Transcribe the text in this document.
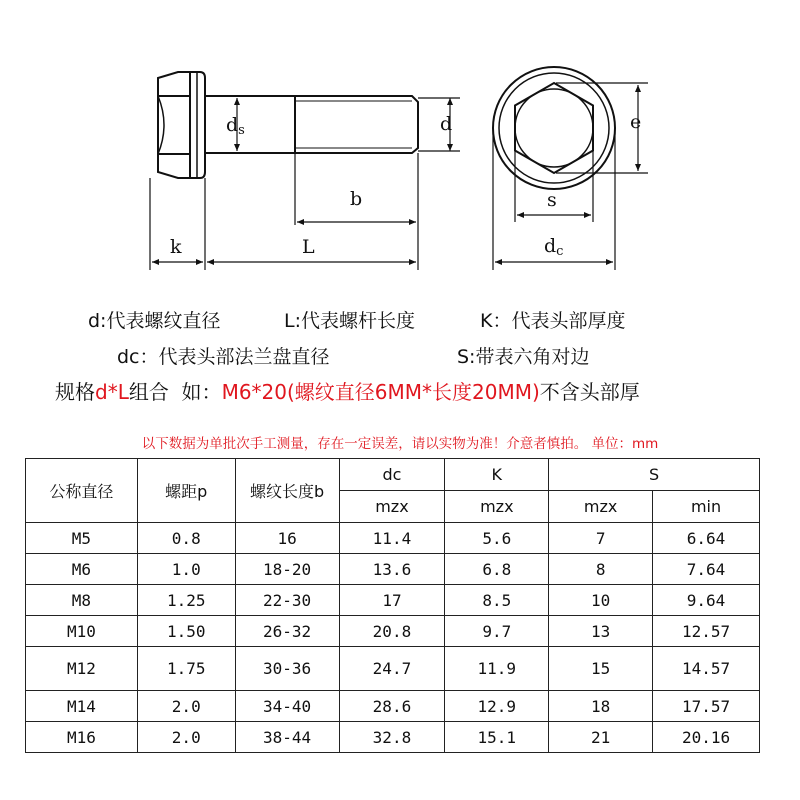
ds	d
b
k	L
e
s
dc
d:代表螺纹直径	L:代表螺杆长度	K：代表头部厚度
dc：代表头部法兰盘直径	S:带表六角对边
规格d*L组合  如：M6*20(螺纹直径6MM*长度20MM)不含头部厚
以下数据为单批次手工测量，存在一定误差，请以实物为准！介意者慎拍。 单位：mm
公称直径	螺距p	螺纹长度b	dc	K	S	
			mzx	mzx	mzx	min
M5	0.8	16	11.4	5.6	7	6.64
M6	1.0	18-20	13.6	6.8	8	7.64
M8	1.25	22-30	17	8.5	10	9.64
M10	1.50	26-32	20.8	9.7	13	12.57
M12	1.75	30-36	24.7	11.9	15	14.57
M14	2.0	34-40	28.6	12.9	18	17.57
M16	2.0	38-44	32.8	15.1	21	20.16
